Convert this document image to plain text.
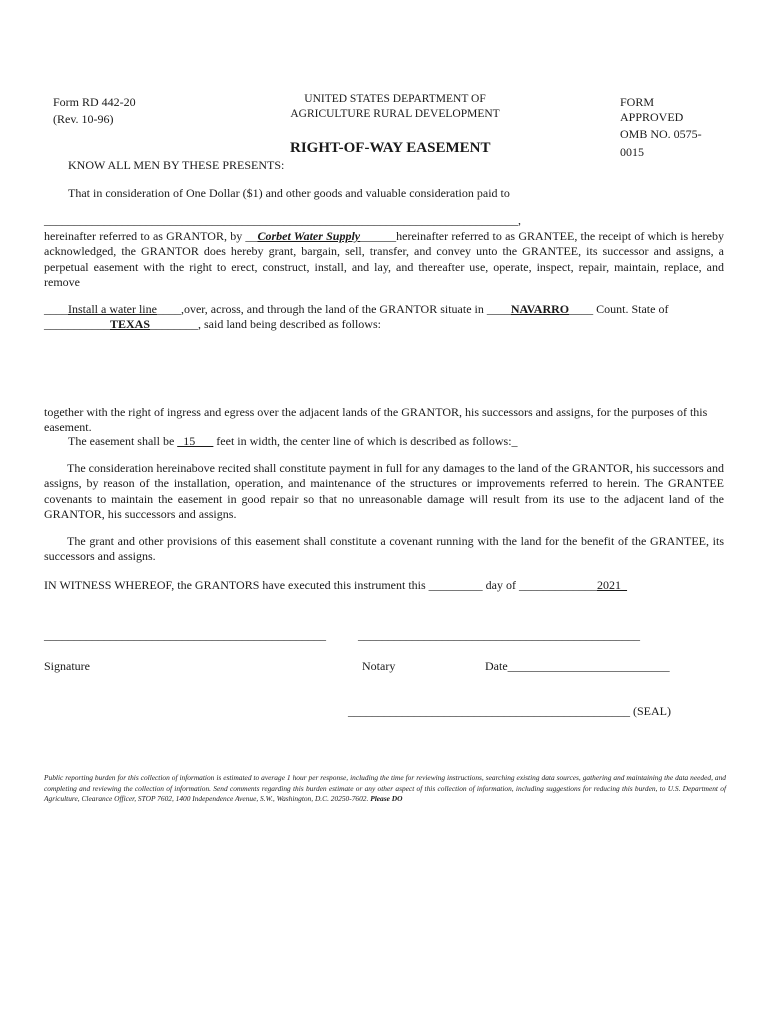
Form RD 442-20
(Rev. 10-96)
UNITED STATES DEPARTMENT OF
AGRICULTURE RURAL DEVELOPMENT
FORM
APPROVED
OMB NO. 0575-
0015
RIGHT-OF-WAY EASEMENT
KNOW ALL MEN BY THESE PRESENTS:
That in consideration of One Dollar ($1) and other goods and valuable consideration paid to
_______________________________________________________________________________,
hereinafter referred to as GRANTOR, by __Corbet Water Supply______hereinafter referred to as GRANTEE, the receipt of which is hereby acknowledged, the GRANTOR does hereby grant, bargain, sell, transfer, and convey unto the GRANTEE, its successor and assigns, a perpetual easement with the right to erect, construct, install, and lay, and thereafter use, operate, inspect, repair, maintain, replace, and remove
____Install a water line____,over, across, and through the land of the GRANTOR situate in ____NAVARRO____ Count. State of
___________TEXAS________, said land being described as follows:
together with the right of ingress and egress over the adjacent lands of the GRANTOR, his successors and assigns, for the purposes of this easement.
The easement shall be _15___ feet in width, the center line of which is described as follows:_
The consideration hereinabove recited shall constitute payment in full for any damages to the land of the GRANTOR, his successors and assigns, by reason of the installation, operation, and maintenance of the structures or improvements referred to herein. The GRANTEE covenants to maintain the easement in good repair so that no unreasonable damage will result from its use to the adjacent land of the GRANTOR, his successors and assigns.
The grant and other provisions of this easement shall constitute a covenant running with the land for the benefit of the GRANTEE, its successors and assigns.
IN WITNESS WHEREOF, the GRANTORS have executed this instrument this _________ day of _____________2021_
_______________________________________________	_______________________________________________
Signature	Notary	Date___________________________
_______________________________________________ (SEAL)
Public reporting burden for this collection of information is estimated to average 1 hour per response, including the time for reviewing instructions, searching existing data sources, gathering and maintaining the data needed, and completing and reviewing the collection of information. Send comments regarding this burden estimate or any other aspect of this collection of information, including suggestions for reducing this burden, to U.S. Department of Agriculture, Clearance Officer, STOP 7602, 1400 Independence Avenue, S.W., Washington, D.C. 20250-7602. Please DO
